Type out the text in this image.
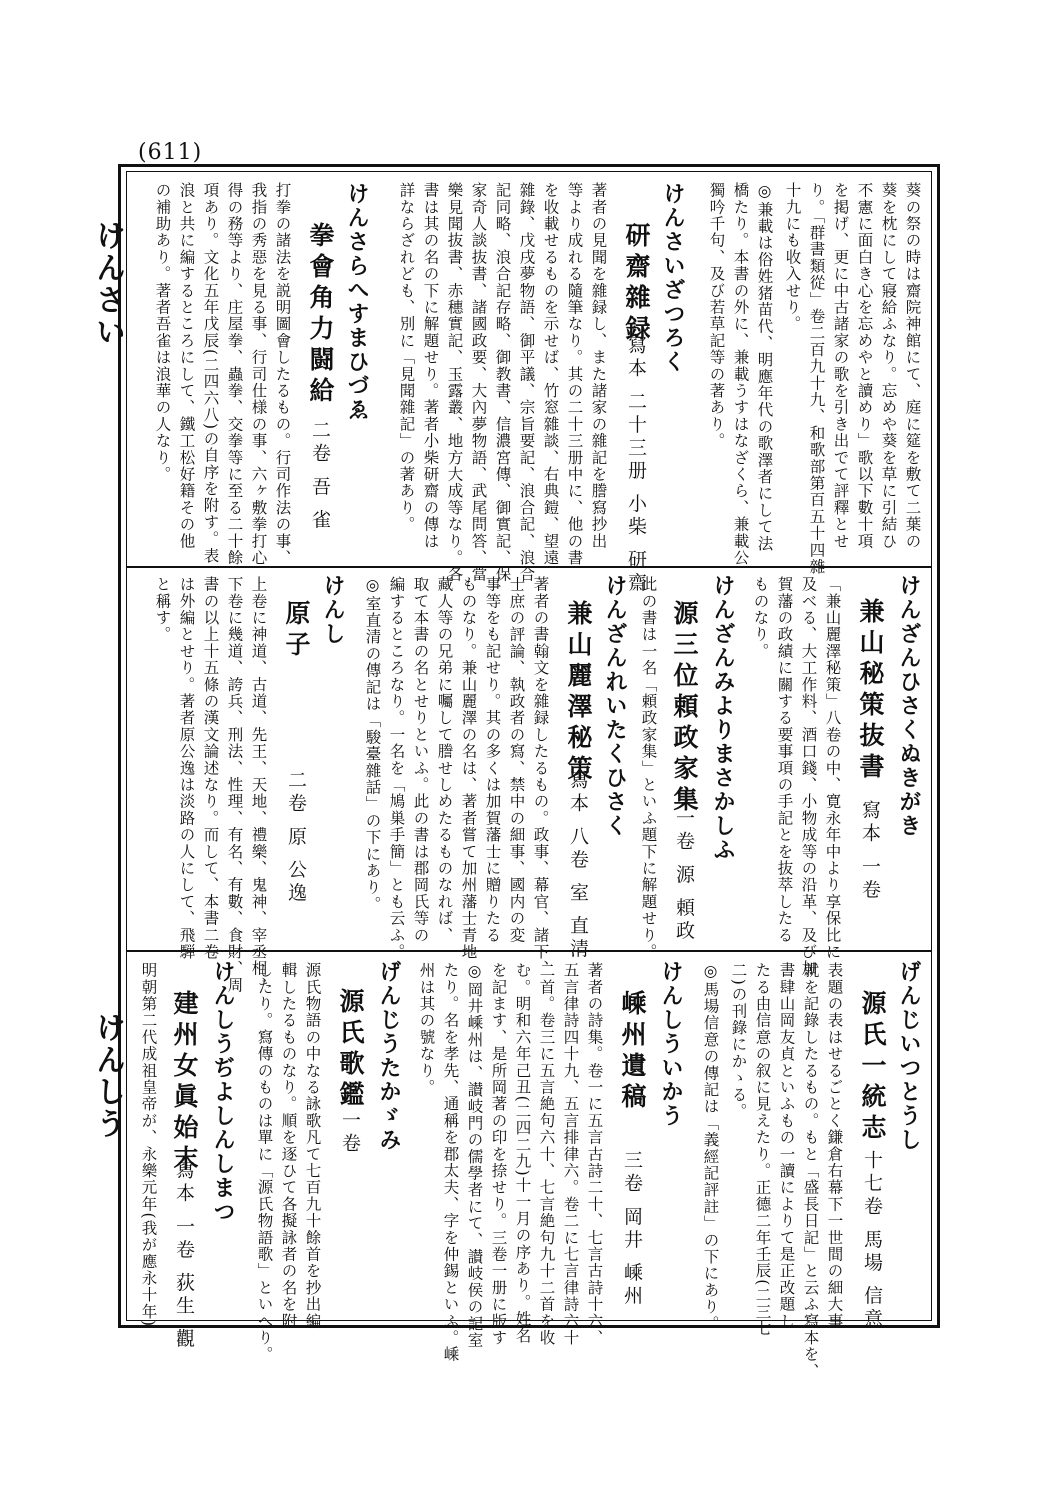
(611)
けんさい
けんしう
葵の祭の時は齋院神館にて、庭に筵を敷て二葉の
葵を枕にして寢給ふなり。忘めや葵を草に引結ひ
不憲に面白き心を忘めやと讀めり」歌以下數十項
を掲げ、更に中古諸家の歌を引き出でて評釋とせ
り。「群書類從」卷二百九十九、和歌部第百五十四雜
十九にも收入せり。
◎兼載は俗姓猪苗代、明應年代の歌澤者にして法
橋たり。本書の外に、兼載うすはなざくら、兼載公
獨吟千句、及び若草記等の著あり。
けんさいざつろく
研齋雜録
寫本 二十三册 小柴 研齋
著者の見聞を雜録し、また諸家の雜記を謄寫抄出
等より成れる隨筆なり。其の二十三册中に、他の書
を收載せるものを示せば、竹窓雜談、右典鎧、望遠
雜錄、戊戌夢物語、御平議、宗旨要記、浪合記、浪合
記同略、浪合記存略、御教書、信濃宮傳、御實記、保
家奇人談抜書、諸國政要、大內夢物語、武尾問答、當
樂見聞抜書、赤穗實記、玉露叢、地方大成等なり。各
書は其の名の下に解題せり。著者小柴研齋の傳は
詳ならざれども、別に「見聞雜記」の著あり。
けんさらへすまひづゑ
拳會角力闘給
二卷 吾 雀
打拳の諸法を説明圖會したるもの。行司作法の事、
我指の秀惡を見る事、行司仕様の事、六ヶ敷拳打心
得の務等より、庄屋拳、蟲拳、交拳等に至る二十餘
項あり。文化五年戊辰(二四六八)の自序を附す。表
浪と共に編するところにして、鐵工松好籍その他
の補助あり。著者吾雀は浪華の人なり。
けんざんひさくぬきがき
兼山秘策抜書
寫本 一卷
「兼山麗澤秘策」八卷の中、寛永年中より享保比に
及べる、大工作料、酒口錢、小物成等の沿革、及び加
賀藩の政績に關する要事項の手記とを抜萃したる
ものなり。
けんざんみよりまさかしふ
源三位頼政家集
一卷 源 頼政
此の書は一名「頼政家集」といふ題下に解題せり。
けんざんれいたくひさく
兼山麗澤秘策
寫本 八卷 室 直清
著者の書翰文を雜録したるもの。政事、幕官、諸下、
士庶の評論、執政者の寫、禁中の細事、國内の変
事等をも記せり。其の多くは加賀藩士に贈りたる
ものなり。兼山麗澤の名は、著者嘗て加州藩士青地
藏人等の兄弟に囑して謄せしめたるものなれば、
取て本書の名とせりといふ。此の書は郡岡氏等の
編するところなり。一名を「鳩巣手簡」とも云ふ。
◎室直清の傳記は「駿臺雜話」の下にあり。
けんし
原子
二卷 原 公逸
上卷に神道、古道、先王、天地、禮樂、鬼神、宰丞相、
下卷に幾道、誇兵、刑法、性理、有名、有數、食財、周
書の以上十五條の漢文論述なり。而して、本書二卷
は外編とせり。著者原公逸は淡路の人にして、飛騨
と稱す。
げんじいつとうし
源氏一統志
十七卷 馬場 信意
表題の表はせるごとく鎌倉右幕下一世間の細大事
就を記錄したるもの。もと「盛長日記」と云ふ寫本を、
書肆山岡友貞といふもの一讀によりて是正改題し
たる由信意の叙に見えたり。正德二年壬辰(二三七
二)の刊錄にかゝる。
◎馬場信意の傳記は「義經記評註」の下にあり。
けんしういかう
嵊州遺稿
三卷 岡井 嵊州
著者の詩集。卷一に五言古詩二十、七言古詩十六、
五言律詩四十九、五言排律六。卷二に七言律詩六十
二首。卷三に五言絶句六十、七言絶句九十二首を收
む。明和六年己丑(二四二九)十一月の序あり。姓名
を記ます、是所岡著の印を捺せり。三卷一册に版す
◎岡井嵊州は、讃岐門の儒學者にて、讃岐侯の記室
たり。名を孝先、通稱を郡太夫、字を仲錫といふ。嵊
州は其の號なり。
げんじうたかゞみ
源氏歌鑑
一卷
源氏物語の中なる詠歌凡て七百九十餘首を抄出編
輯したるものなり。順を逐ひて各擬詠者の名を附
したり。寫傳のものは單に「源氏物語歌」といへり。
けんしうぢよしんしまつ
建州女眞始末
寫本 一卷 荻生 觀
明朝第二代成祖皇帝が、永樂元年(我が應永十年)
